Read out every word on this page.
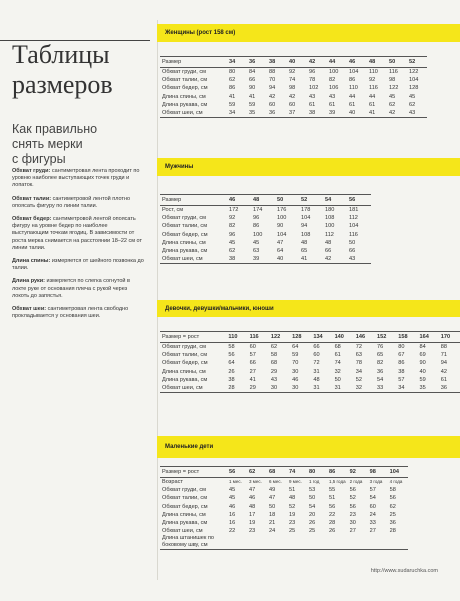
Таблицы
размеров
Как правильно
снять мерки
с фигуры

Обхват груди: сантиметровая лента проходит по уровню наиболее выступающих точек груди и лопаток.

Обхват талии: сантиметровой лентой плотно опоясать фигуру по линии талии.

Обхват бедер: сантиметровой лентой опоясать фигуру на уровне бедер по наиболее выступающим точкам ягодиц. В зависимости от роста мерка снимается на расстоянии 18–22 см от линии талии.

Длина спины: измеряется от шейного позвонка до талии.

Длина руки: измеряется по слегка согнутой в локте руке от основания плеча с рукой через локоть до запястья.

Обхват шеи: сантиметровая лента свободно прокладывается у основания шеи.

Женщины (рост 158 см)
Размер	34	36	38	40	42	44	46	48	50	52
Обхват груди, см	80	84	88	92	96	100	104	110	116	122
Обхват талии, см	62	66	70	74	78	82	86	92	98	104
Обхват бедер, см	86	90	94	98	102	106	110	116	122	128
Длина спины, см	41	41	42	42	43	43	44	44	45	45
Длина рукава, см	59	59	60	60	61	61	61	61	62	62
Обхват шеи, см	34	35	36	37	38	39	40	41	42	43
Мужчины
Размер	46	48	50	52	54	56
Рост, см	172	174	176	178	180	181
Обхват груди, см	92	96	100	104	108	112
Обхват талии, см	82	86	90	94	100	104
Обхват бедер, см	96	100	104	108	112	116
Длина спины, см	45	45	47	48	48	50
Длина рукава, см	62	63	64	65	66	66
Обхват шеи, см	38	39	40	41	42	43
Девочки, девушки/мальчики, юноши
Размер = рост	110	116	122	128	134	140	146	152	158	164	170
Обхват груди, см	58	60	62	64	66	68	72	76	80	84	88
Обхват талии, см	56	57	58	59	60	61	63	65	67	69	71
Обхват бедер, см	64	66	68	70	72	74	78	82	86	90	94
Длина спины, см	26	27	29	30	31	32	34	36	38	40	42
Длина рукава, см	38	41	43	46	48	50	52	54	57	59	61
Обхват шеи, см	28	29	30	30	31	31	32	33	34	35	36
Маленькие дети
Размер = рост	56	62	68	74	80	86	92	98	104
Возраст	1 мес.	3 мес.	6 мес.	9 мес.	1 год	1,5 года	2 года	3 года	4 года
Обхват груди, см	45	47	49	51	53	55	56	57	58
Обхват талии, см	45	46	47	48	50	51	52	54	56
Обхват бедер, см	46	48	50	52	54	56	56	60	62
Длина спины, см	16	17	18	19	20	22	23	24	25
Длина рукава, см	16	19	21	23	26	28	30	33	36
Обхват шеи, см	22	23	24	25	25	26	27	27	28
Длина штанишек по боковому шву, см									
http://www.sudaruchka.com
